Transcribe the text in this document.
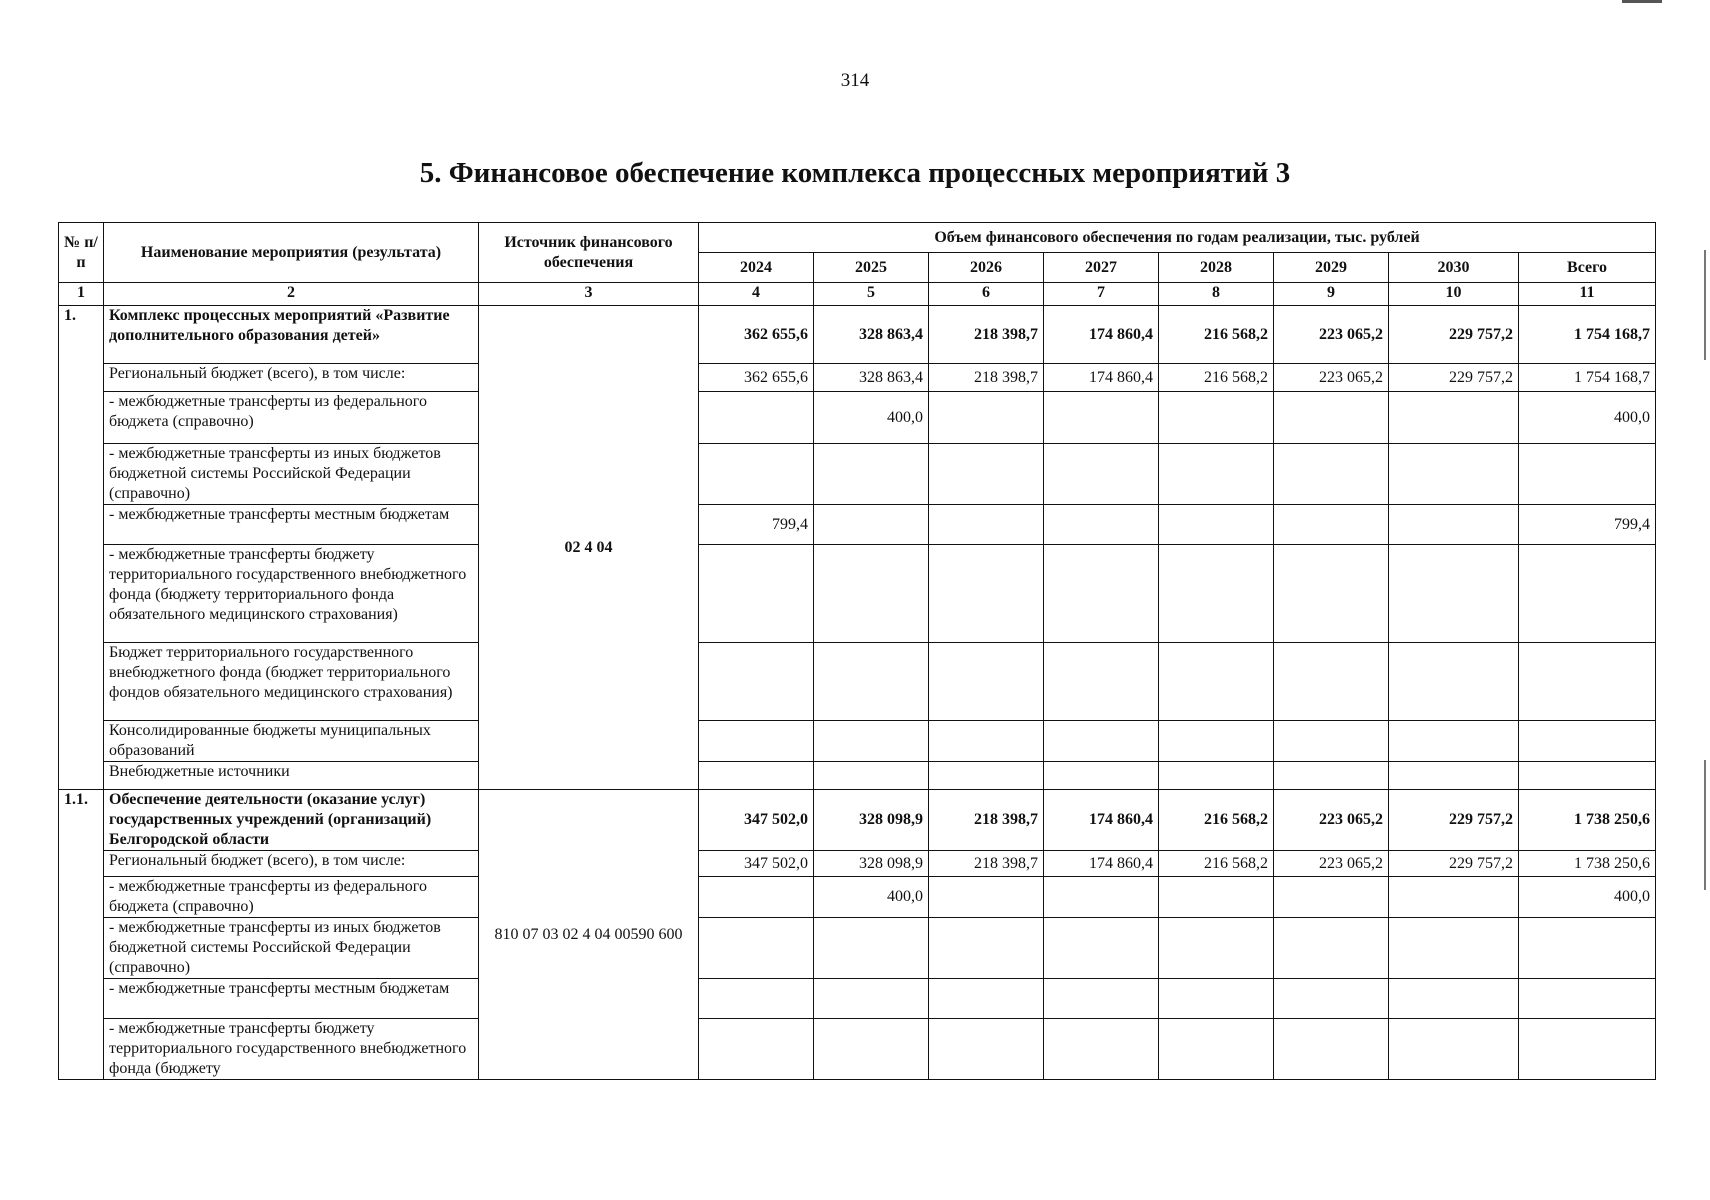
314
5. Финансовое обеспечение комплекса процессных мероприятий 3
№ п/п	Наименование мероприятия (результата)	Источник финансового обеспечения	Объем финансового обеспечения по годам реализации, тыс. рублей							
			2024	2025	2026	2027	2028	2029	2030	Всего
1	2	3	4	5	6	7	8	9	10	11
1.	Комплекс процессных мероприятий «Развитие дополнительного образования детей»	02 4 04	362 655,6	328 863,4	218 398,7	174 860,4	216 568,2	223 065,2	229 757,2	1 754 168,7
	Региональный бюджет (всего), в том числе:		362 655,6	328 863,4	218 398,7	174 860,4	216 568,2	223 065,2	229 757,2	1 754 168,7
	- межбюджетные трансферты из федерального бюджета (справочно)			400,0						400,0
	- межбюджетные трансферты из иных бюджетов бюджетной системы Российской Федерации (справочно)									
	- межбюджетные трансферты местным бюджетам		799,4							799,4
	- межбюджетные трансферты бюджету территориального государственного внебюджетного фонда (бюджету территориального фонда обязательного медицинского страхования)									
	Бюджет территориального государственного внебюджетного фонда (бюджет территориального фондов обязательного медицинского страхования)									
	Консолидированные бюджеты муниципальных образований									
	Внебюджетные источники									
1.1.	Обеспечение деятельности (оказание услуг) государственных учреждений (организаций) Белгородской области	810 07 03 02 4 04 00590 600	347 502,0	328 098,9	218 398,7	174 860,4	216 568,2	223 065,2	229 757,2	1 738 250,6
	Региональный бюджет (всего), в том числе:		347 502,0	328 098,9	218 398,7	174 860,4	216 568,2	223 065,2	229 757,2	1 738 250,6
	- межбюджетные трансферты из федерального бюджета (справочно)			400,0						400,0
	- межбюджетные трансферты из иных бюджетов бюджетной системы Российской Федерации (справочно)									
	- межбюджетные трансферты местным бюджетам									
	- межбюджетные трансферты бюджету территориального государственного внебюджетного фонда (бюджету									
